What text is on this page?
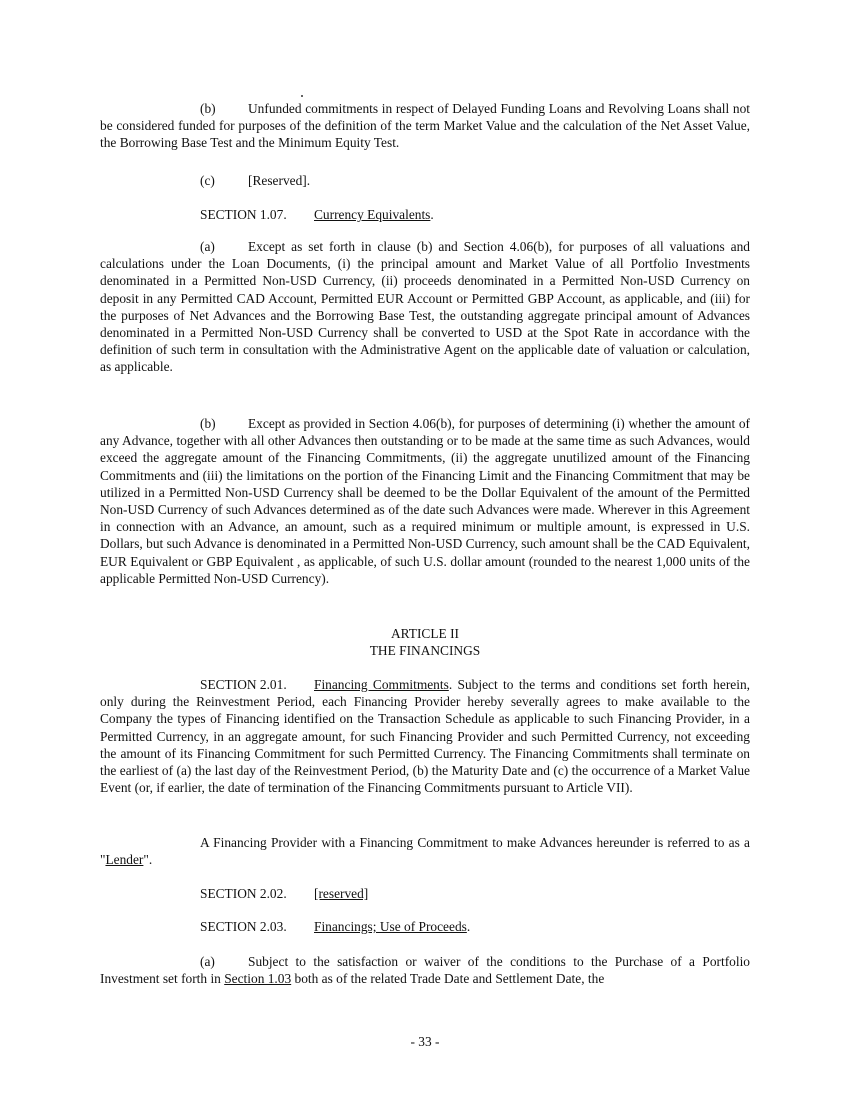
(b) Unfunded commitments in respect of Delayed Funding Loans and Revolving Loans shall not be considered funded for purposes of the definition of the term Market Value and the calculation of the Net Asset Value, the Borrowing Base Test and the Minimum Equity Test.

(c) [Reserved].

SECTION 1.07. Currency Equivalents.

(a) Except as set forth in clause (b) and Section 4.06(b), for purposes of all valuations and calculations under the Loan Documents, (i) the principal amount and Market Value of all Portfolio Investments denominated in a Permitted Non-USD Currency, (ii) proceeds denominated in a Permitted Non-USD Currency on deposit in any Permitted CAD Account, Permitted EUR Account or Permitted GBP Account, as applicable, and (iii) for the purposes of Net Advances and the Borrowing Base Test, the outstanding aggregate principal amount of Advances denominated in a Permitted Non-USD Currency shall be converted to USD at the Spot Rate in accordance with the definition of such term in consultation with the Administrative Agent on the applicable date of valuation or calculation, as applicable.

(b) Except as provided in Section 4.06(b), for purposes of determining (i) whether the amount of any Advance, together with all other Advances then outstanding or to be made at the same time as such Advances, would exceed the aggregate amount of the Financing Commitments, (ii) the aggregate unutilized amount of the Financing Commitments and (iii) the limitations on the portion of the Financing Limit and the Financing Commitment that may be utilized in a Permitted Non-USD Currency shall be deemed to be the Dollar Equivalent of the amount of the Permitted Non-USD Currency of such Advances determined as of the date such Advances were made. Wherever in this Agreement in connection with an Advance, an amount, such as a required minimum or multiple amount, is expressed in U.S. Dollars, but such Advance is denominated in a Permitted Non-USD Currency, such amount shall be the CAD Equivalent, EUR Equivalent or GBP Equivalent , as applicable, of such U.S. dollar amount (rounded to the nearest 1,000 units of the applicable Permitted Non-USD Currency).

ARTICLE II
THE FINANCINGS

SECTION 2.01. Financing Commitments. Subject to the terms and conditions set forth herein, only during the Reinvestment Period, each Financing Provider hereby severally agrees to make available to the Company the types of Financing identified on the Transaction Schedule as applicable to such Financing Provider, in a Permitted Currency, in an aggregate amount, for such Financing Provider and such Permitted Currency, not exceeding the amount of its Financing Commitment for such Permitted Currency. The Financing Commitments shall terminate on the earliest of (a) the last day of the Reinvestment Period, (b) the Maturity Date and (c) the occurrence of a Market Value Event (or, if earlier, the date of termination of the Financing Commitments pursuant to Article VII).

A Financing Provider with a Financing Commitment to make Advances hereunder is referred to as a "Lender".

SECTION 2.02. [reserved]

SECTION 2.03. Financings; Use of Proceeds.

(a) Subject to the satisfaction or waiver of the conditions to the Purchase of a Portfolio Investment set forth in Section 1.03 both as of the related Trade Date and Settlement Date, the

- 33 -
